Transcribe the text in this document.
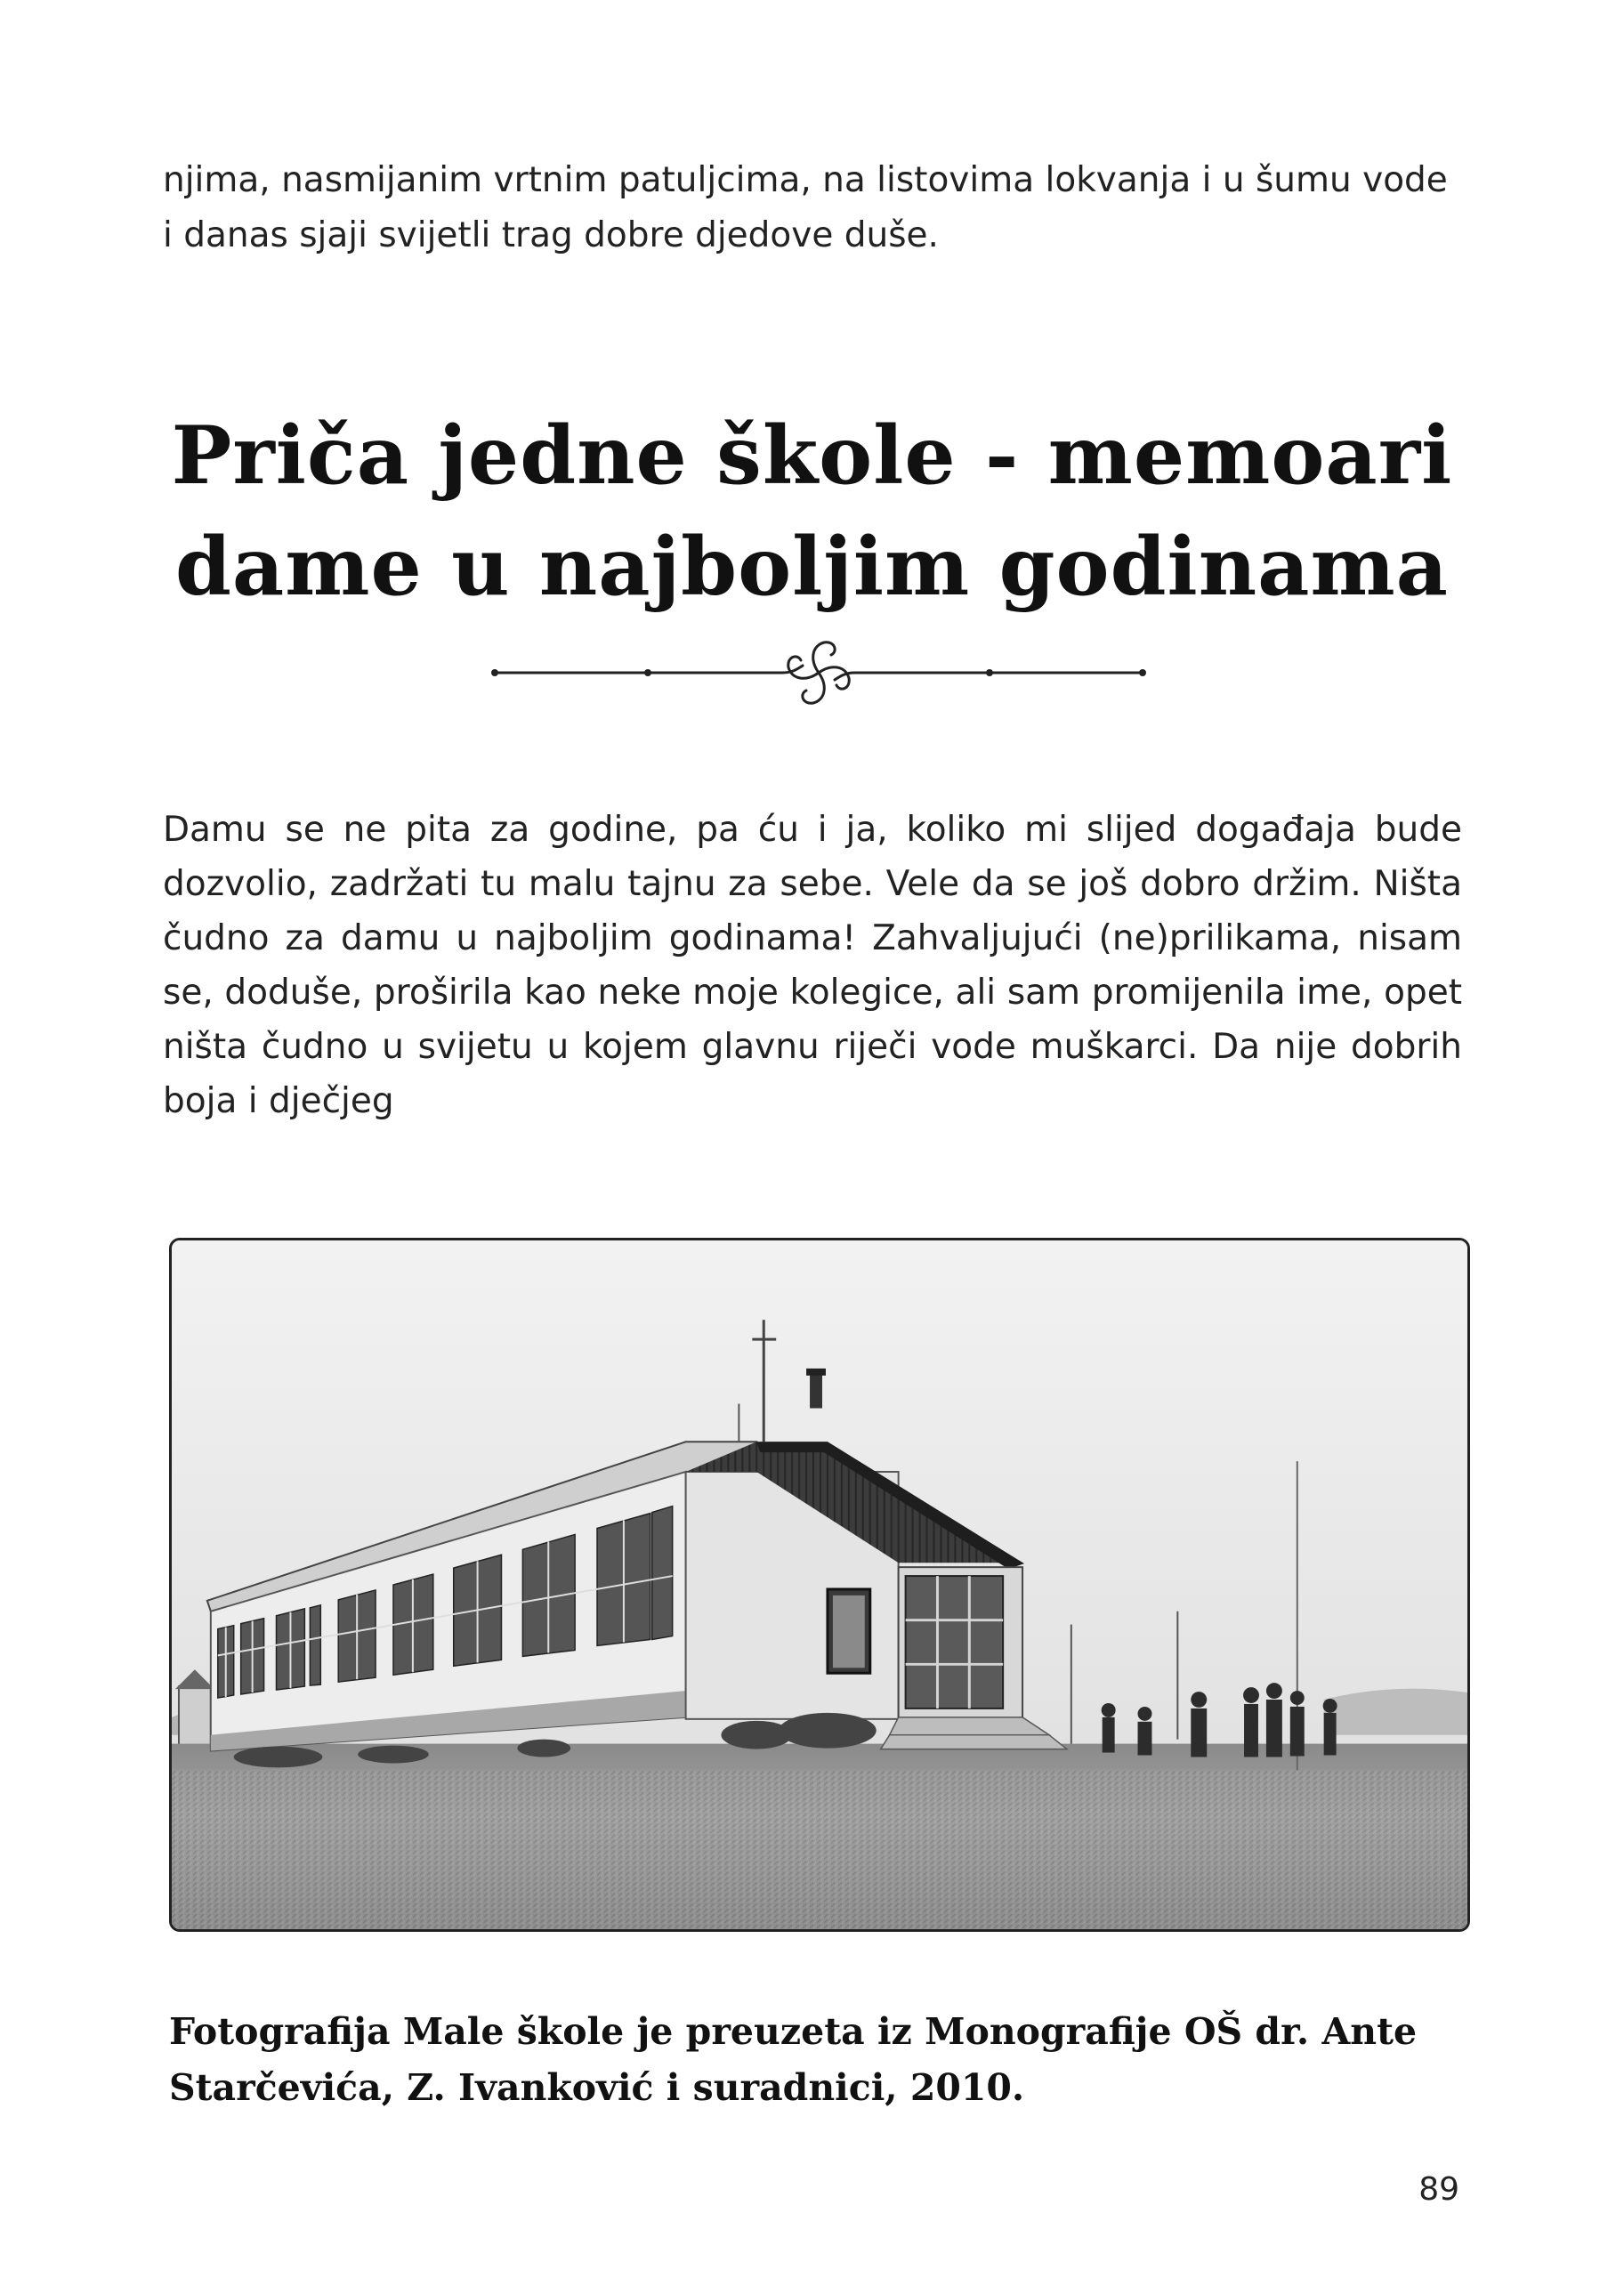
njima, nasmijanim vrtnim patuljcima, na listovima lokvanja i u šumu vode i danas sjaji svijetli trag dobre djedove duše.

Priča jedne škole - memoari dame u najboljim godinama

Damu se ne pita za godine, pa ću i ja, koliko mi slijed događaja bude dozvolio, zadržati tu malu tajnu za sebe. Vele da se još dobro držim. Ništa čudno za damu u najboljim godinama! Zahvaljujući (ne)prilikama, nisam se, doduše, proširila kao neke moje kolegice, ali sam promijenila ime, opet ništa čudno u svijetu u kojem glavnu riječi vode muškarci. Da nije dobrih boja i dječjeg

Fotografija Male škole je preuzeta iz Monografije OŠ dr. Ante Starčevića, Z. Ivanković i suradnici, 2010.

89
